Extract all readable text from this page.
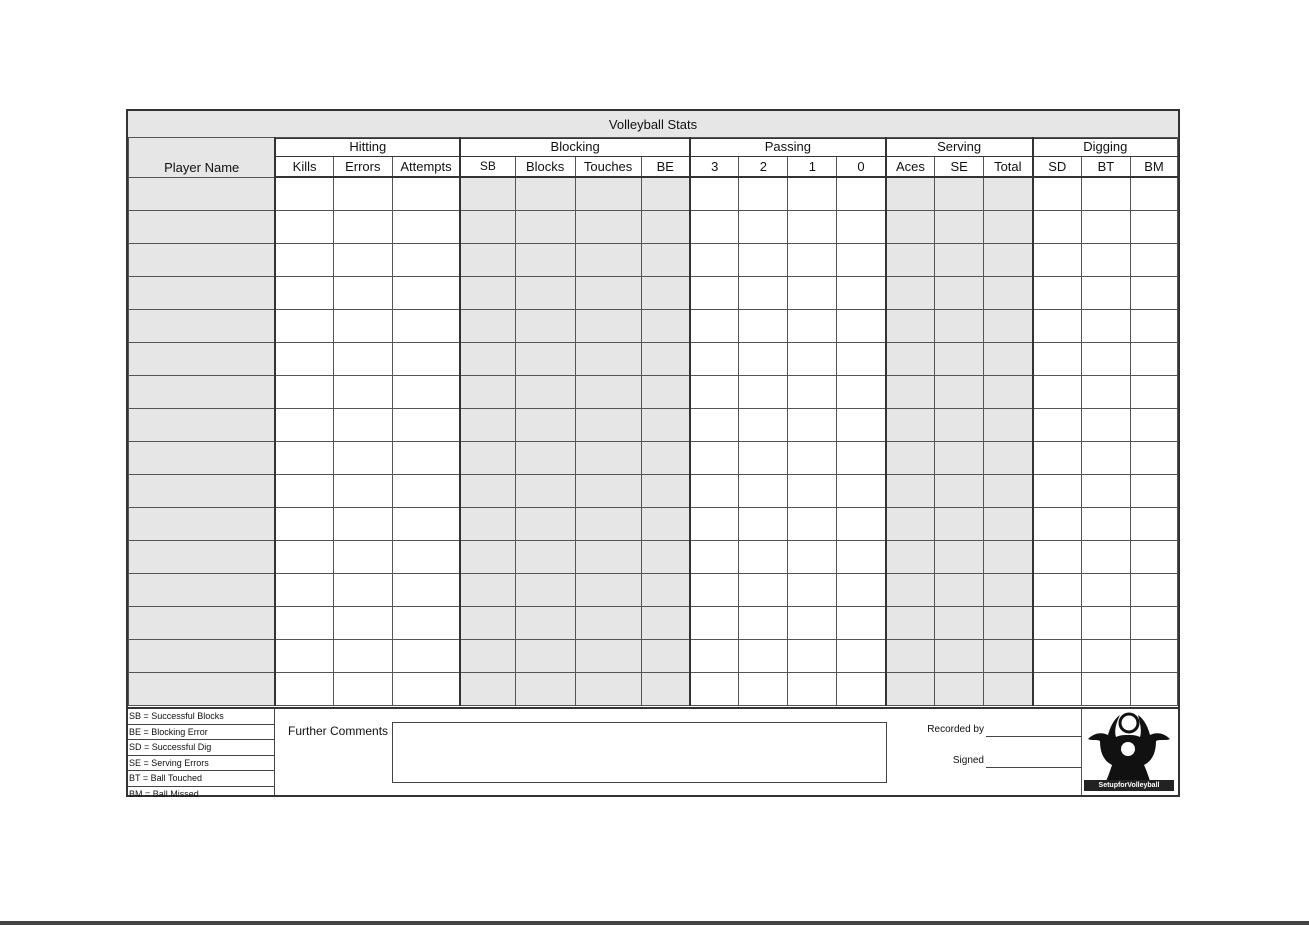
Volleyball Stats
Player Name	Hitting			Blocking				Passing				Serving			Digging		
	Kills	Errors	Attempts	SB	Blocks	Touches	BE	3	2	1	0	Aces	SE	Total	SD	BT	BM

SB = Successful Blocks
BE = Blocking Error
SD = Successful Dig
SE = Serving Errors
BT = Ball Touched
BM = Ball Missed
Further Comments	Recorded by
Signed
SetupforVolleyball
